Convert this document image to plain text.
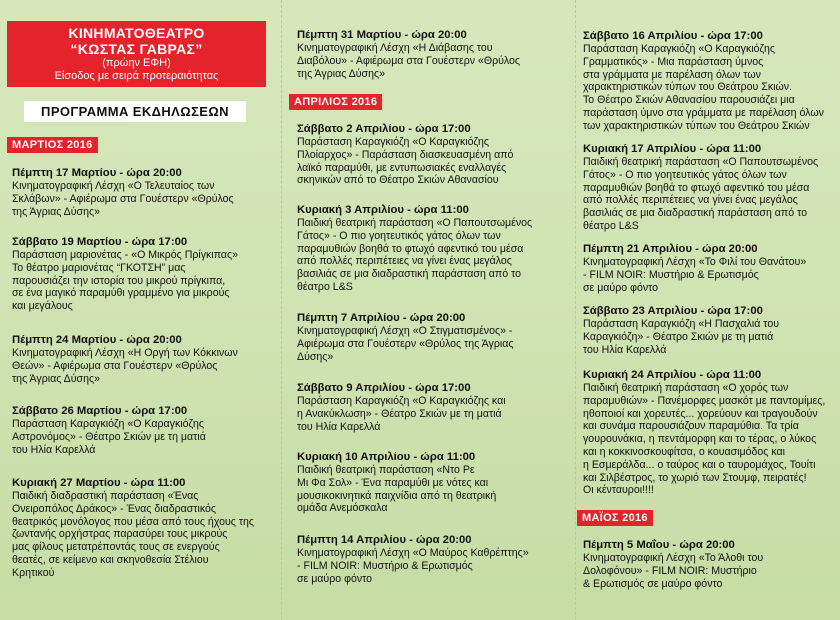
ΚΙΝΗΜΑΤΟΘΕΑΤΡΟ
“ΚΩΣΤΑΣ ΓΑΒΡΑΣ”
(πρώην ΕΦΗ)
Είσοδος με σειρά προτεραιότητας
ΠΡΟΓΡΑΜΜΑ ΕΚΔΗΛΩΣΕΩΝ
ΜΑΡΤΙΟΣ 2016
Πέμπτη 17 Μαρτίου - ώρα 20:00

Κινηματογραφική Λέσχη «Ο Τελευταίος των

Σκλάβων» - Αφιέρωμα στα Γουέστερν «Θρύλος

της Άγριας Δύσης»

Σάββατο 19 Μαρτίου - ώρα 17:00

Παράσταση μαριονέτας - «Ο Μικρός Πρίγκιπας»

Το θέατρο μαριονέτας “ΓΚΟΤΣΗ” μας

παρουσιάζει την ιστορία του μικρού πρίγκιπα,

σε ένα μαγικό παραμύθι γραμμένο για μικρούς

και μεγάλους

Πέμπτη 24 Μαρτίου - ώρα 20:00

Κινηματογραφική Λέσχη «Η Οργή των Κόκκινων

Θεών» - Αφιέρωμα στα Γουέστερν «Θρύλος

της Άγριας Δύσης»

Σάββατο 26 Μαρτίου - ώρα 17:00

Παράσταση Καραγκιόζη «Ο Καραγκιόζης

Αστρονόμος» - Θέατρο Σκιών με τη ματιά

του Ηλία Καρελλά

Κυριακή 27 Μαρτίου - ώρα 11:00

Παιδική διαδραστική παράσταση «Ένας

Ονειροπόλος Δράκος» - Ένας διαδραστικός

θεατρικός μονόλογος που μέσα από τους ήχους της

ζωντανής ορχήστρας παρασύρει τους μικρούς

μας φίλους μετατρέποντάς τους σε ενεργούς

θεατές, σε κείμενο και σκηνοθεσία Στέλιου

Κρητικού

Πέμπτη 31 Μαρτίου - ώρα 20:00

Κινηματογραφική Λέσχη «Η Διάβασης του

Διαβόλου» - Αφιέρωμα στα Γουέστερν «Θρύλος

της Άγριας Δύσης»

ΑΠΡΙΛΙΟΣ 2016
Σάββατο 2 Απριλίου - ώρα 17:00

Παράσταση Καραγκιόζη «Ο Καραγκιόζης

Πλοίαρχος» - Παράσταση διασκευασμένη από

λαϊκό παραμύθι, με εντυπωσιακές εναλλαγές

σκηνικών από το Θέατρο Σκιών Αθανασίου

Κυριακή 3 Απριλίου - ώρα 11:00

Παιδική θεατρική παράσταση «Ο Παπουτσωμένος

Γάτος» - Ο πιο γοητευτικός γάτος όλων των

παραμυθιών βοηθά το φτωχό αφεντικό του μέσα

από πολλές περιπέτειες να γίνει ένας μεγάλος

βασιλιάς σε μια διαδραστική παράσταση από το

θέατρο L&S

Πέμπτη 7 Απριλίου - ώρα 20:00

Κινηματογραφική Λέσχη «Ο Στιγματισμένος» -

Αφιέρωμα στα Γουέστερν «Θρύλος της Άγριας

Δύσης»

Σάββατο 9 Απριλίου - ώρα 17:00

Παράσταση Καραγκιόζη «Ο Καραγκιόζης και

η Ανακύκλωση» - Θέατρο Σκιών με τη ματιά

του Ηλία Καρελλά

Κυριακή 10 Απριλίου - ώρα 11:00

Παιδική θεατρική παράσταση «Ντο Ρε

Μι Φα Σολ» - Ένα παραμύθι με νότες και

μουσικοκινητικά παιχνίδια από τη θεατρική

ομάδα Ανεμόσκαλα

Πέμπτη 14 Απριλίου - ώρα 20:00

Κινηματογραφική Λέσχη «Ο Μαύρος Καθρέπτης»

- FILM NOIR: Μυστήριο & Ερωτισμός

σε μαύρο φόντο

Σάββατο 16 Απριλίου - ώρα 17:00

Παράσταση Καραγκιόζη «Ο Καραγκιόζης

Γραμματικός» - Μια παράσταση ύμνος

στα γράμματα με παρέλαση όλων των

χαρακτηριστικών τύπων του Θεάτρου Σκιών.

Το Θέατρο Σκιών Αθανασίου παρουσιάζει μια

παράσταση ύμνο στα γράμματα με παρέλαση όλων

των χαρακτηριστικών τύπων του Θεάτρου Σκιών

Κυριακή 17 Απριλίου - ώρα 11:00

Παιδική θεατρική παράσταση «Ο Παπουτσωμένος

Γάτος» - Ο πιο γοητευτικός γάτος όλων των

παραμυθιών βοηθά το φτωχό αφεντικό του μέσα

από πολλές περιπέτειες να γίνει ένας μεγάλος

βασιλιάς σε μια διαδραστική παράσταση από το

θέατρο L&S

Πέμπτη 21 Απριλίου - ώρα 20:00

Κινηματογραφική Λέσχη «Το Φιλί του Θανάτου»

- FILM NOIR: Μυστήριο & Ερωτισμός

σε μαύρο φόντο

Σάββατο 23 Απριλίου - ώρα 17:00

Παράσταση Καραγκιόζη «Η Πασχαλιά του

Καραγκιόζη» - Θέατρο Σκιών με τη ματιά

του Ηλία Καρελλά

Κυριακή 24 Απριλίου - ώρα 11:00

Παιδική θεατρική παράσταση «Ο χορός των

παραμυθιών» - Πανέμορφες μασκότ με παντομίμες,

ηθοποιοί και χορευτές... χορεύουν και τραγουδούν

και συνάμα παρουσιάζουν παραμύθια. Τα τρία

γουρουνάκια, η πεντάμορφη και το τέρας, ο λύκος

και η κοκκινοσκουφίτσα, ο κουασιμόδος και

η Εσμεράλδα... ο ταύρος και ο ταυρομάχος, Τουίτι

και Σιλβέστρος, το χωριό των Στουμφ, πειρατές!

Οι κένταυροι!!!!

ΜΑΪΟΣ 2016
Πέμπτη 5 Μαΐου - ώρα 20:00

Κινηματογραφική Λέσχη «Το Άλοθι του

Δολοφόνου» - FILM NOIR: Μυστήριο

& Ερωτισμός σε μαύρο φόντο
